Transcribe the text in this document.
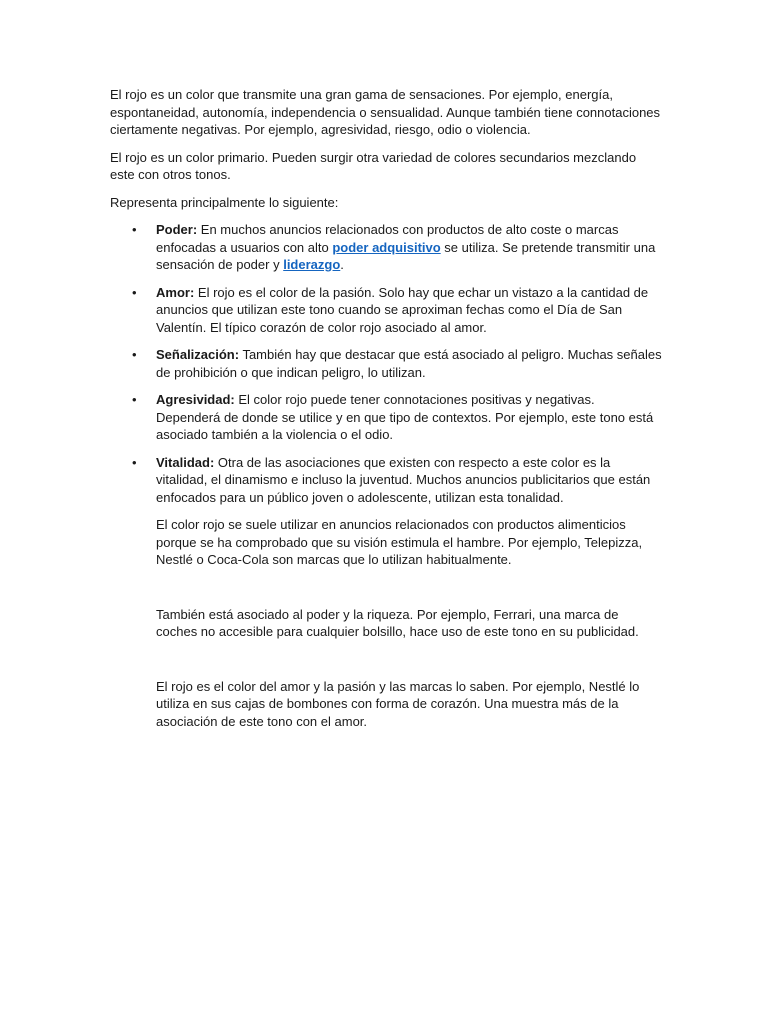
El rojo es un color que transmite una gran gama de sensaciones. Por ejemplo, energía, espontaneidad, autonomía, independencia o sensualidad. Aunque también tiene connotaciones ciertamente negativas. Por ejemplo, agresividad, riesgo, odio o violencia.

El rojo es un color primario. Pueden surgir otra variedad de colores secundarios mezclando este con otros tonos.

Representa principalmente lo siguiente:

• Poder: En muchos anuncios relacionados con productos de alto coste o marcas enfocadas a usuarios con alto poder adquisitivo se utiliza. Se pretende transmitir una sensación de poder y liderazgo.
• Amor: El rojo es el color de la pasión. Solo hay que echar un vistazo a la cantidad de anuncios que utilizan este tono cuando se aproximan fechas como el Día de San Valentín. El típico corazón de color rojo asociado al amor.
• Señalización: También hay que destacar que está asociado al peligro. Muchas señales de prohibición o que indican peligro, lo utilizan.
• Agresividad: El color rojo puede tener connotaciones positivas y negativas. Dependerá de donde se utilice y en que tipo de contextos. Por ejemplo, este tono está asociado también a la violencia o el odio.
• Vitalidad: Otra de las asociaciones que existen con respecto a este color es la vitalidad, el dinamismo e incluso la juventud. Muchos anuncios publicitarios que están enfocados para un público joven o adolescente, utilizan esta tonalidad.

El color rojo se suele utilizar en anuncios relacionados con productos alimenticios porque se ha comprobado que su visión estimula el hambre. Por ejemplo, Telepizza, Nestlé o Coca-Cola son marcas que lo utilizan habitualmente.

También está asociado al poder y la riqueza. Por ejemplo, Ferrari, una marca de coches no accesible para cualquier bolsillo, hace uso de este tono en su publicidad.

El rojo es el color del amor y la pasión y las marcas lo saben. Por ejemplo, Nestlé lo utiliza en sus cajas de bombones con forma de corazón. Una muestra más de la asociación de este tono con el amor.
